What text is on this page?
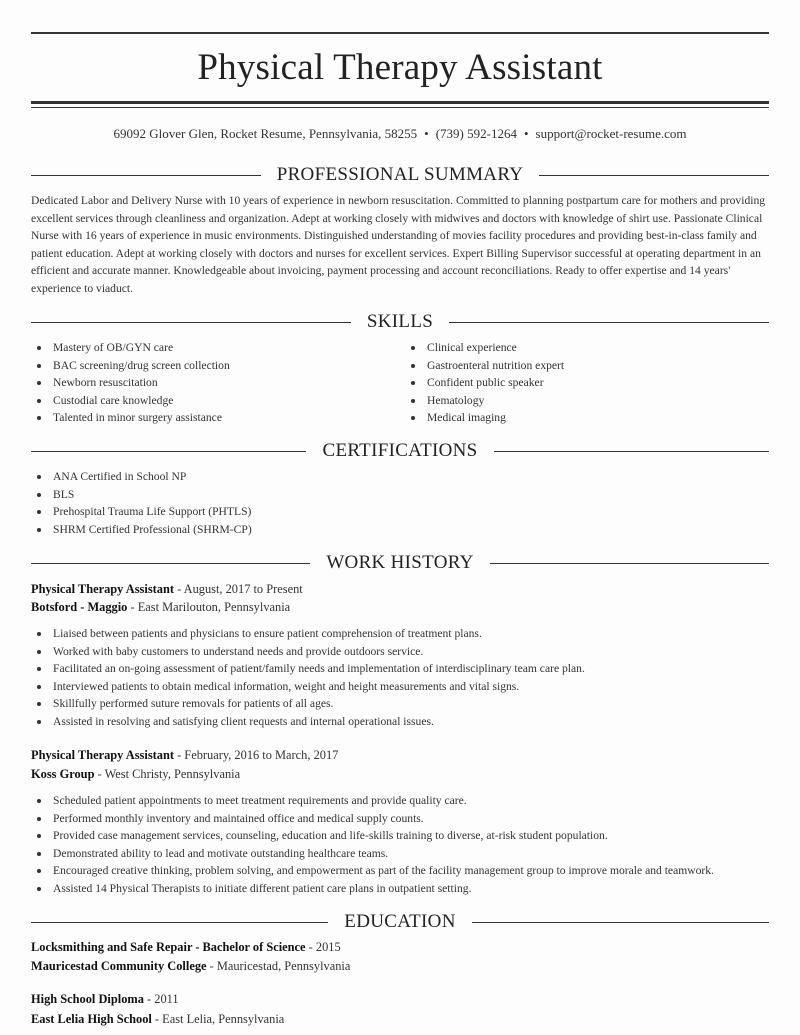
Physical Therapy Assistant
69092 Glover Glen, Rocket Resume, Pennsylvania, 58255 • (739) 592-1264 • support@rocket-resume.com
PROFESSIONAL SUMMARY

Dedicated Labor and Delivery Nurse with 10 years of experience in newborn resuscitation. Committed to planning postpartum care for mothers and providing excellent services through cleanliness and organization. Adept at working closely with midwives and doctors with knowledge of shirt use. Passionate Clinical Nurse with 16 years of experience in music environments. Distinguished understanding of movies facility procedures and providing best-in-class family and patient education. Adept at working closely with doctors and nurses for excellent services. Expert Billing Supervisor successful at operating department in an efficient and accurate manner. Knowledgeable about invoicing, payment processing and account reconciliations. Ready to offer expertise and 14 years' experience to viaduct.

SKILLS
Mastery of OB/GYN care
BAC screening/drug screen collection
Newborn resuscitation
Custodial care knowledge
Talented in minor surgery assistance
Clinical experience
Gastroenteral nutrition expert
Confident public speaker
Hematology
Medical imaging
CERTIFICATIONS
ANA Certified in School NP
BLS
Prehospital Trauma Life Support (PHTLS)
SHRM Certified Professional (SHRM-CP)
WORK HISTORY
Physical Therapy Assistant - August, 2017 to Present
Botsford - Maggio - East Marilouton, Pennsylvania
Liaised between patients and physicians to ensure patient comprehension of treatment plans.
Worked with baby customers to understand needs and provide outdoors service.
Facilitated an on-going assessment of patient/family needs and implementation of interdisciplinary team care plan.
Interviewed patients to obtain medical information, weight and height measurements and vital signs.
Skillfully performed suture removals for patients of all ages.
Assisted in resolving and satisfying client requests and internal operational issues.
Physical Therapy Assistant - February, 2016 to March, 2017
Koss Group - West Christy, Pennsylvania
Scheduled patient appointments to meet treatment requirements and provide quality care.
Performed monthly inventory and maintained office and medical supply counts.
Provided case management services, counseling, education and life-skills training to diverse, at-risk student population.
Demonstrated ability to lead and motivate outstanding healthcare teams.
Encouraged creative thinking, problem solving, and empowerment as part of the facility management group to improve morale and teamwork.
Assisted 14 Physical Therapists to initiate different patient care plans in outpatient setting.
EDUCATION
Locksmithing and Safe Repair - Bachelor of Science - 2015
Mauricestad Community College - Mauricestad, Pennsylvania
High School Diploma - 2011
East Lelia High School - East Lelia, Pennsylvania
